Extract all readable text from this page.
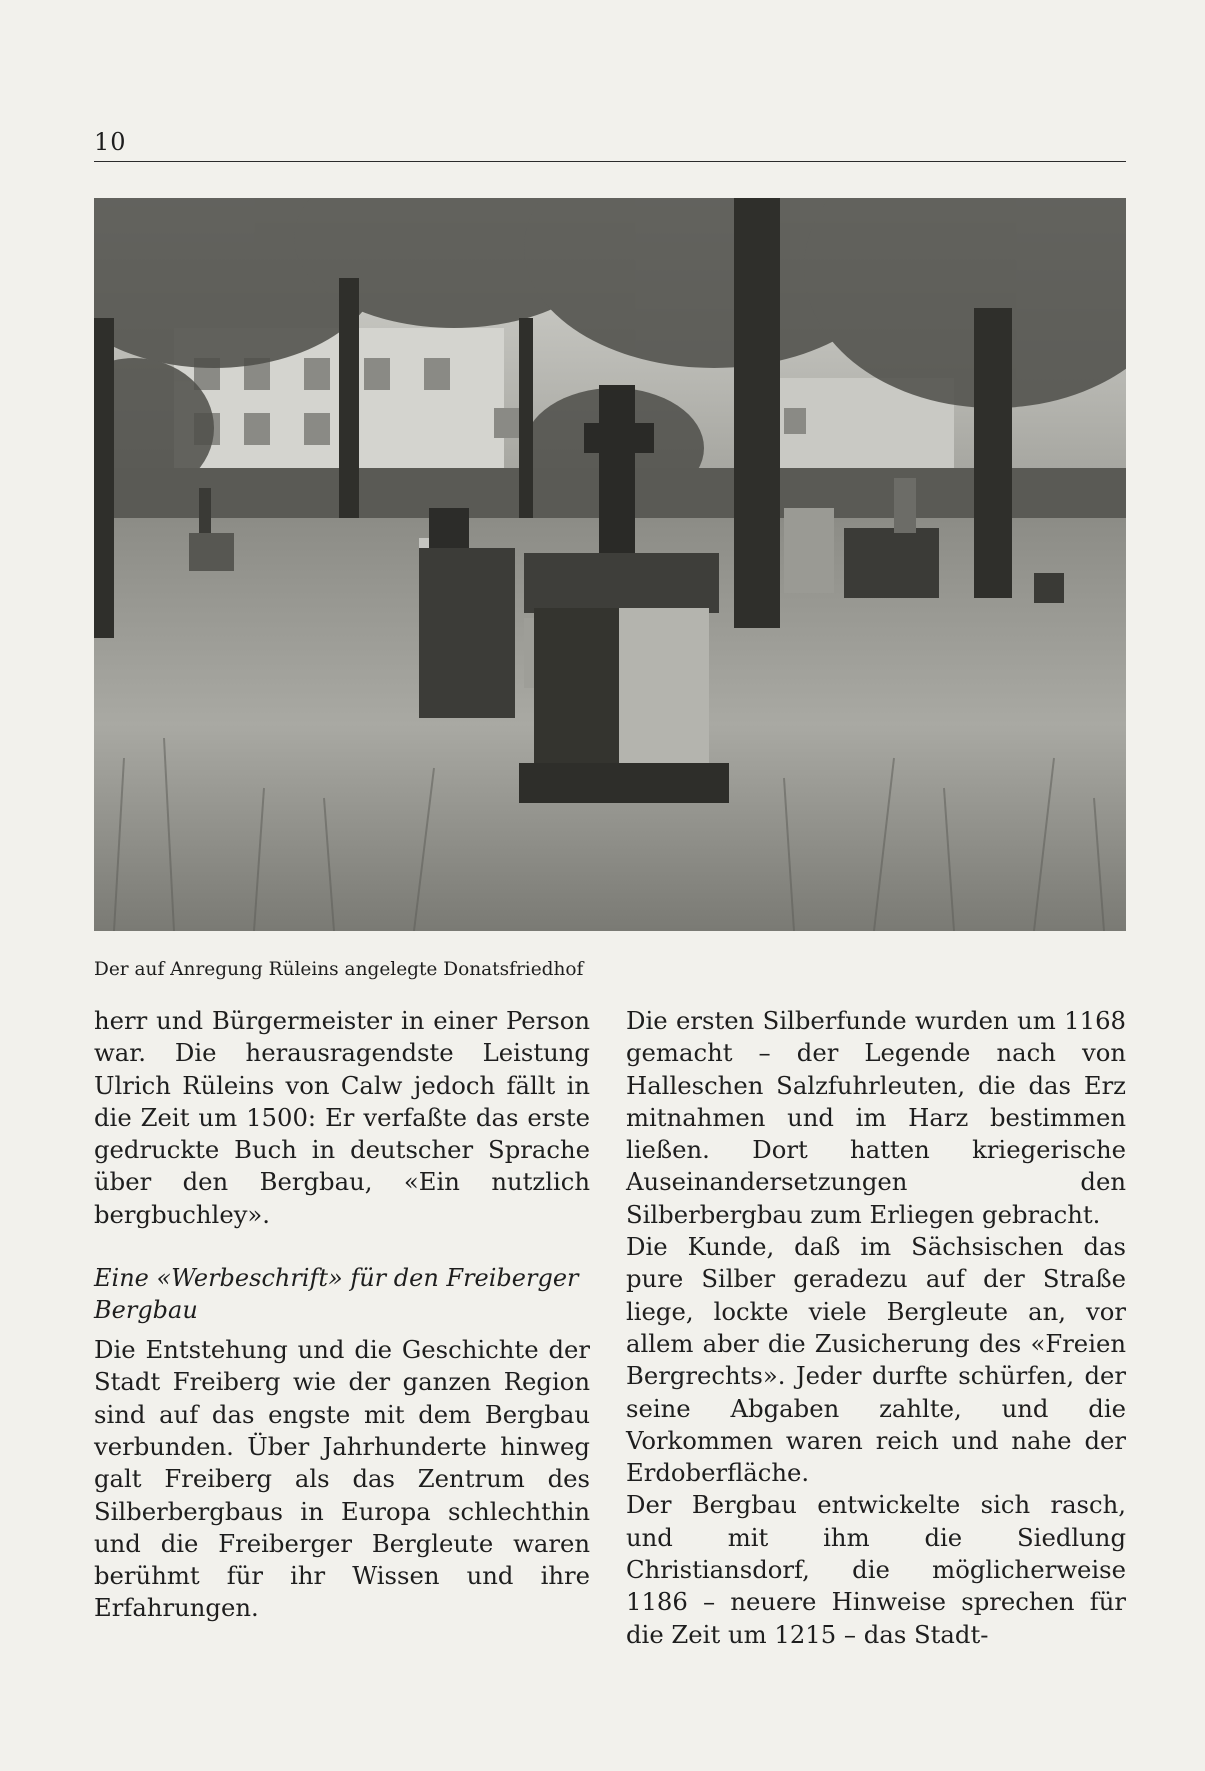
10
Der auf Anregung Rüleins angelegte Donatsfriedhof

herr und Bürgermeister in einer Person war. Die herausragendste Leistung Ulrich Rüleins von Calw jedoch fällt in die Zeit um 1500: Er verfaßte das erste gedruckte Buch in deutscher Sprache über den Bergbau, «Ein nutzlich bergbuchley».

Eine «Werbeschrift» für den Freiberger Bergbau

Die Entstehung und die Geschichte der Stadt Freiberg wie der ganzen Region sind auf das engste mit dem Bergbau verbunden. Über Jahrhunderte hinweg galt Freiberg als das Zentrum des Silberbergbaus in Europa schlechthin und die Freiberger Bergleute waren berühmt für ihr Wissen und ihre Erfahrungen.

Die ersten Silberfunde wurden um 1168 gemacht – der Legende nach von Halleschen Salzfuhrleuten, die das Erz mitnahmen und im Harz bestimmen ließen. Dort hatten kriegerische Auseinandersetzungen den Silberbergbau zum Erliegen gebracht.

Die Kunde, daß im Sächsischen das pure Silber geradezu auf der Straße liege, lockte viele Bergleute an, vor allem aber die Zusicherung des «Freien Bergrechts». Jeder durfte schürfen, der seine Abgaben zahlte, und die Vorkommen waren reich und nahe der Erdoberfläche.

Der Bergbau entwickelte sich rasch, und mit ihm die Siedlung Christiansdorf, die möglicherweise 1186 – neuere Hinweise sprechen für die Zeit um 1215 – das Stadt-
